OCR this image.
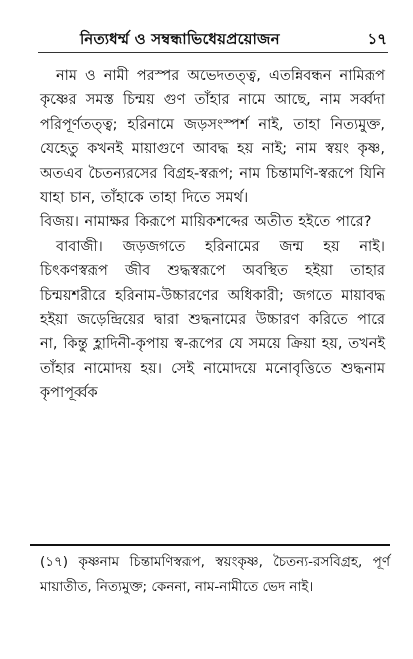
নিত্যধর্ম্ম ও সম্বন্ধাভিধেয়প্রয়োজন	১৭

নাম ও নামী পরস্পর অভেদতত্ত্ব, এতন্নিবন্ধন নামিরূপ কৃষ্ণের সমস্ত চিন্ময় গুণ তাঁহার নামে আছে, নাম সর্ব্বদা পরিপূর্ণতত্ত্ব; হরিনামে জড়সংস্পর্শ নাই, তাহা নিত্যমুক্ত, যেহেতু কখনই মায়াগুণে আবদ্ধ হয় নাই; নাম স্বয়ং কৃষ্ণ, অতএব চৈতন্যরসের বিগ্রহ-স্বরূপ; নাম চিন্তামণি-স্বরূপে যিনি যাহা চান, তাঁহাকে তাহা দিতে সমর্থ।

বিজয়। নামাক্ষর কিরূপে মায়িকশব্দের অতীত হইতে পারে?

বাবাজী। জড়জগতে হরিনামের জন্ম হয় নাই। চিৎকণস্বরূপ জীব শুদ্ধস্বরূপে অবস্থিত হইয়া তাহার চিন্ময়শরীরে হরিনাম-উচ্চারণের অধিকারী; জগতে মায়াবদ্ধ হইয়া জড়েন্দ্রিয়ের দ্বারা শুদ্ধনামের উচ্চারণ করিতে পারে না, কিন্তু হ্লাদিনী-কৃপায় স্ব-রূপের যে সময়ে ক্রিয়া হয়, তখনই তাঁহার নামোদয় হয়। সেই নামোদয়ে মনোবৃত্তিতে শুদ্ধনাম কৃপাপূর্ব্বক

(১৭) কৃষ্ণনাম চিন্তামণিস্বরূপ, স্বয়ংকৃষ্ণ, চৈতন্য-রসবিগ্রহ, পূর্ণ মায়াতীত, নিত্যমুক্ত; কেননা, নাম-নামীতে ভেদ নাই।
